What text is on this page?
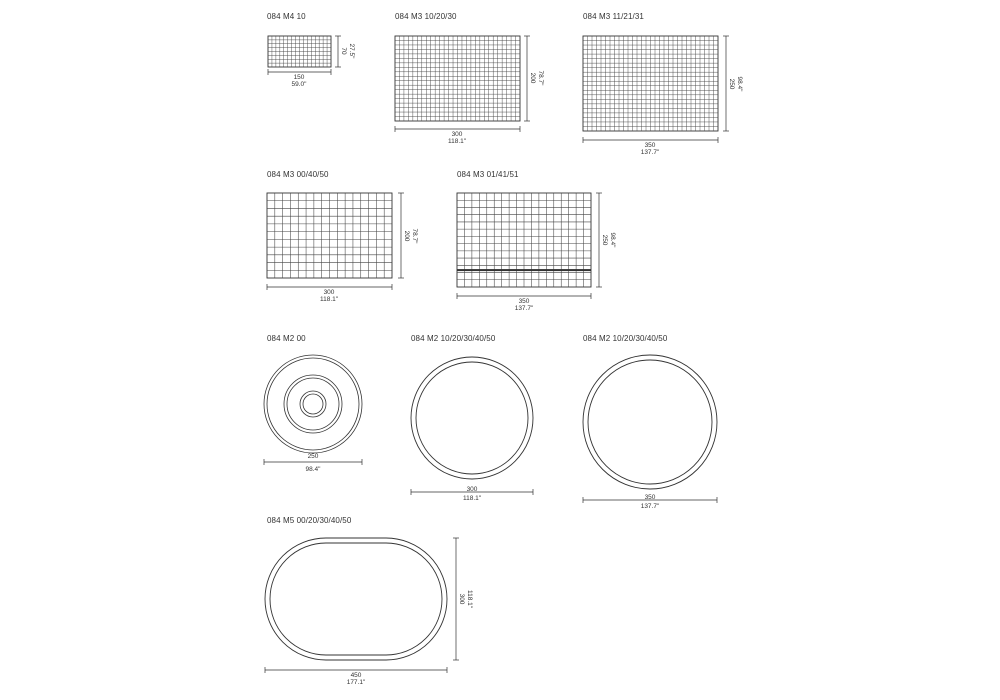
084 M4 10	084 M3 10/20/30	084 M3 11/21/31
084 M3 00/40/50	084 M3 01/41/51
084 M2 00	084 M2 10/20/30/40/50	084 M2 10/20/30/40/50
084 M5 00/20/30/40/50
70 27.5"
150
59.0"
200 78.7"
300
118.1"
250 98.4"
350
137.7"
200 78.7"
300
118.1"
250 98.4"
350
137.7"
250
98.4"
300
118.1"	350
137.7"
300 118.1"
450
177.1"
